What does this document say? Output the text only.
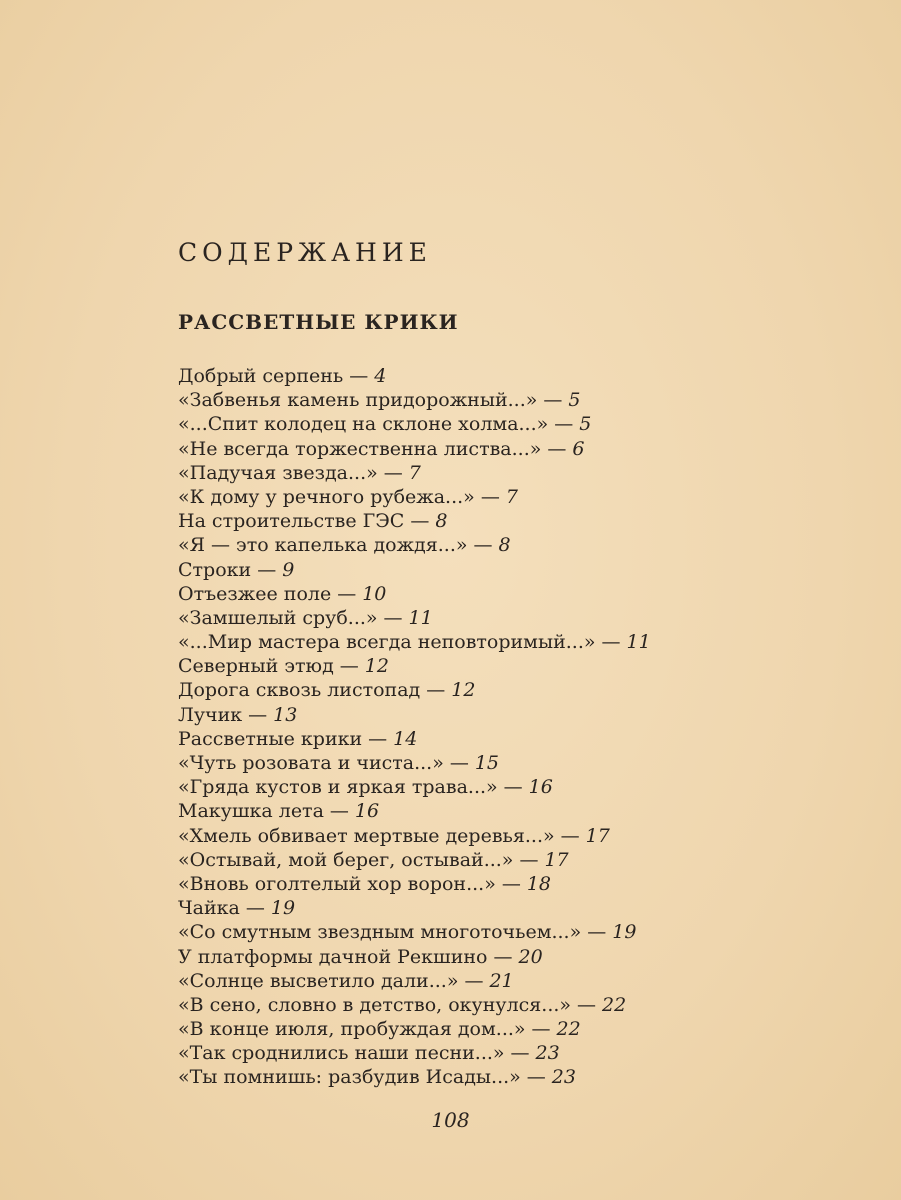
СОДЕРЖАНИЕ
РАССВЕТНЫЕ КРИКИ
Добрый серпень — 4
«Забвенья камень придорожный...» — 5
«...Спит колодец на склоне холма...» — 5
«Не всегда торжественна листва...» — 6
«Падучая звезда...» — 7
«К дому у речного рубежа...» — 7
На строительстве ГЭС — 8
«Я — это капелька дождя...» — 8
Строки — 9
Отъезжее поле — 10
«Замшелый сруб...» — 11
«...Мир мастера всегда неповторимый...» — 11
Северный этюд — 12
Дорога сквозь листопад — 12
Лучик — 13
Рассветные крики — 14
«Чуть розовата и чиста...» — 15
«Гряда кустов и яркая трава...» — 16
Макушка лета — 16
«Хмель обвивает мертвые деревья...» — 17
«Остывай, мой берег, остывай...» — 17
«Вновь оголтелый хор ворон...» — 18
Чайка — 19
«Со смутным звездным многоточьем...» — 19
У платформы дачной Рекшино — 20
«Солнце высветило дали...» — 21
«В сено, словно в детство, окунулся...» — 22
«В конце июля, пробуждая дом...» — 22
«Так сроднились наши песни...» — 23
«Ты помнишь: разбудив Исады...» — 23
108
